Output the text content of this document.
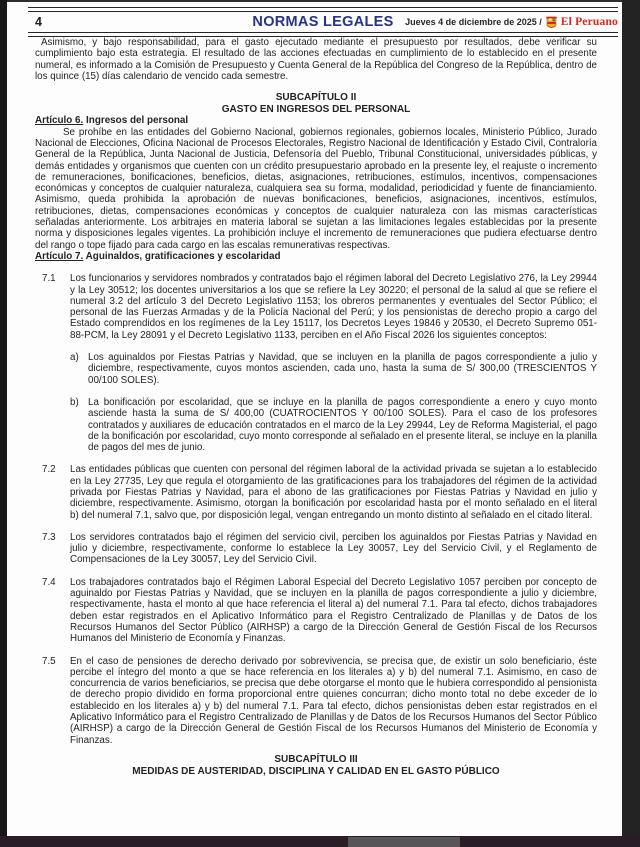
4	NORMAS LEGALES Jueves 4 de diciembre de 2025 / El Peruano

Asimismo, y bajo responsabilidad, para el gasto ejecutado mediante el presupuesto por resultados, debe verificar su cumplimiento bajo esta estrategia. El resultado de las acciones efectuadas en cumplimiento de lo establecido en el presente numeral, es informado a la Comisión de Presupuesto y Cuenta General de la República del Congreso de la República, dentro de los quince (15) días calendario de vencido cada semestre.

SUBCAPÍTULO II
GASTO EN INGRESOS DEL PERSONAL

Artículo 6. Ingresos del personal

Se prohíbe en las entidades del Gobierno Nacional, gobiernos regionales, gobiernos locales, Ministerio Público, Jurado Nacional de Elecciones, Oficina Nacional de Procesos Electorales, Registro Nacional de Identificación y Estado Civil, Contraloría General de la República, Junta Nacional de Justicia, Defensoría del Pueblo, Tribunal Constitucional, universidades públicas, y demás entidades y organismos que cuenten con un crédito presupuestario aprobado en la presente ley, el reajuste o incremento de remuneraciones, bonificaciones, beneficios, dietas, asignaciones, retribuciones, estímulos, incentivos, compensaciones económicas y conceptos de cualquier naturaleza, cualquiera sea su forma, modalidad, periodicidad y fuente de financiamiento. Asimismo, queda prohibida la aprobación de nuevas bonificaciones, beneficios, asignaciones, incentivos, estímulos, retribuciones, dietas, compensaciones económicas y conceptos de cualquier naturaleza con las mismas características señaladas anteriormente. Los arbitrajes en materia laboral se sujetan a las limitaciones legales establecidas por la presente norma y disposiciones legales vigentes. La prohibición incluye el incremento de remuneraciones que pudiera efectuarse dentro del rango o tope fijado para cada cargo en las escalas remunerativas respectivas.

Artículo 7. Aguinaldos, gratificaciones y escolaridad

7.1	Los funcionarios y servidores nombrados y contratados bajo el régimen laboral del Decreto Legislativo 276, la Ley 29944 y la Ley 30512; los docentes universitarios a los que se refiere la Ley 30220; el personal de la salud al que se refiere el numeral 3.2 del artículo 3 del Decreto Legislativo 1153; los obreros permanentes y eventuales del Sector Público; el personal de las Fuerzas Armadas y de la Policía Nacional del Perú; y los pensionistas de derecho propio a cargo del Estado comprendidos en los regímenes de la Ley 15117, los Decretos Leyes 19846 y 20530, el Decreto Supremo 051-88-PCM, la Ley 28091 y el Decreto Legislativo 1133, perciben en el Año Fiscal 2026 los siguientes conceptos:
a) Los aguinaldos por Fiestas Patrias y Navidad, que se incluyen en la planilla de pagos correspondiente a julio y diciembre, respectivamente, cuyos montos ascienden, cada uno, hasta la suma de S/ 300,00 (TRESCIENTOS Y 00/100 SOLES).
b) La bonificación por escolaridad, que se incluye en la planilla de pagos correspondiente a enero y cuyo monto asciende hasta la suma de S/ 400,00 (CUATROCIENTOS Y 00/100 SOLES). Para el caso de los profesores contratados y auxiliares de educación contratados en el marco de la Ley 29944, Ley de Reforma Magisterial, el pago de la bonificación por escolaridad, cuyo monto corresponde al señalado en el presente literal, se incluye en la planilla de pagos del mes de junio.
7.2	Las entidades públicas que cuenten con personal del régimen laboral de la actividad privada se sujetan a lo establecido en la Ley 27735, Ley que regula el otorgamiento de las gratificaciones para los trabajadores del régimen de la actividad privada por Fiestas Patrias y Navidad, para el abono de las gratificaciones por Fiestas Patrias y Navidad en julio y diciembre, respectivamente. Asimismo, otorgan la bonificación por escolaridad hasta por el monto señalado en el literal b) del numeral 7.1, salvo que, por disposición legal, vengan entregando un monto distinto al señalado en el citado literal.
7.3	Los servidores contratados bajo el régimen del servicio civil, perciben los aguinaldos por Fiestas Patrias y Navidad en julio y diciembre, respectivamente, conforme lo establece la Ley 30057, Ley del Servicio Civil, y el Reglamento de Compensaciones de la Ley 30057, Ley del Servicio Civil.
7.4	Los trabajadores contratados bajo el Régimen Laboral Especial del Decreto Legislativo 1057 perciben por concepto de aguinaldo por Fiestas Patrias y Navidad, que se incluyen en la planilla de pagos correspondiente a julio y diciembre, respectivamente, hasta el monto al que hace referencia el literal a) del numeral 7.1. Para tal efecto, dichos trabajadores deben estar registrados en el Aplicativo Informático para el Registro Centralizado de Planillas y de Datos de los Recursos Humanos del Sector Público (AIRHSP) a cargo de la Dirección General de Gestión Fiscal de los Recursos Humanos del Ministerio de Economía y Finanzas.
7.5	En el caso de pensiones de derecho derivado por sobrevivencia, se precisa que, de existir un solo beneficiario, éste percibe el íntegro del monto a que se hace referencia en los literales a) y b) del numeral 7.1. Asimismo, en caso de concurrencia de varios beneficiarios, se precisa que debe otorgarse el monto que le hubiera correspondido al pensionista de derecho propio dividido en forma proporcional entre quienes concurran; dicho monto total no debe exceder de lo establecido en los literales a) y b) del numeral 7.1. Para tal efecto, dichos pensionistas deben estar registrados en el Aplicativo Informático para el Registro Centralizado de Planillas y de Datos de los Recursos Humanos del Sector Público (AIRHSP) a cargo de la Dirección General de Gestión Fiscal de los Recursos Humanos del Ministerio de Economía y Finanzas.
SUBCAPÍTULO III
MEDIDAS DE AUSTERIDAD, DISCIPLINA Y CALIDAD EN EL GASTO PÚBLICO
